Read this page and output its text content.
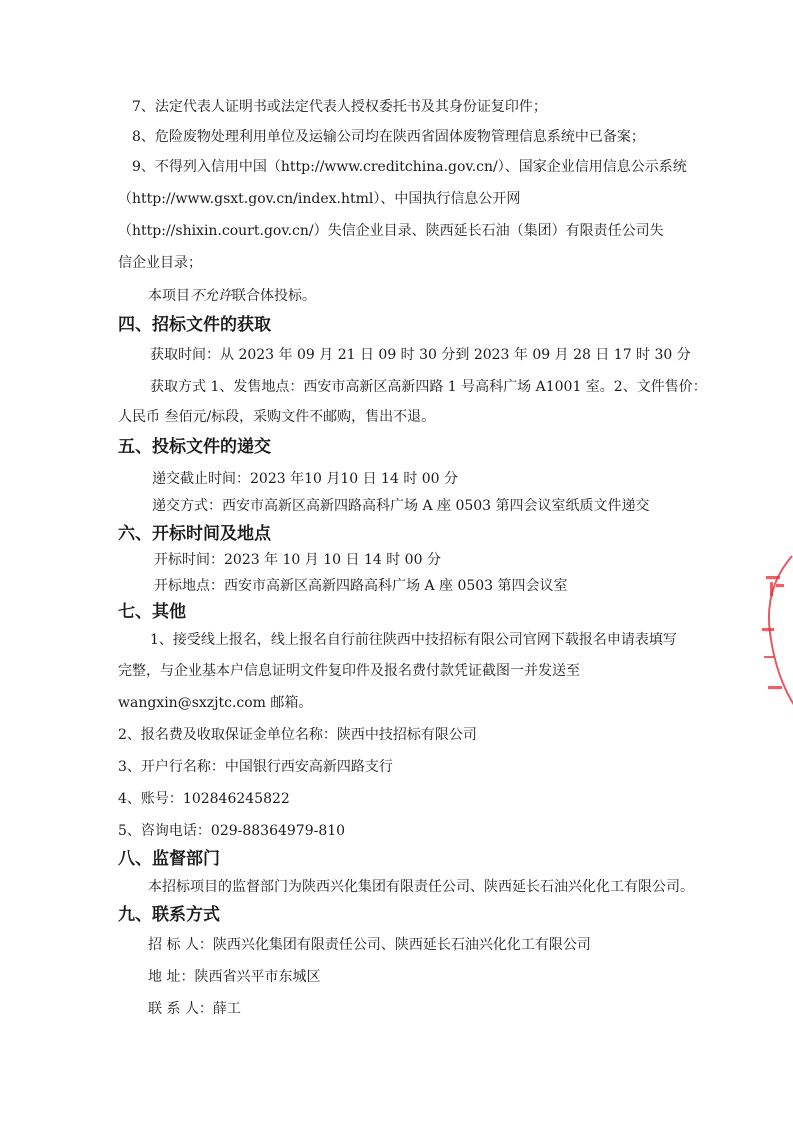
7、法定代表人证明书或法定代表人授权委托书及其身份证复印件；
8、危险废物处理利用单位及运输公司均在陕西省固体废物管理信息系统中已备案；
9、不得列入信用中国（http://www.creditchina.gov.cn/）、国家企业信用信息公示系统
（http://www.gsxt.gov.cn/index.html）、中国执行信息公开网
（http://shixin.court.gov.cn/）失信企业目录、陕西延长石油（集团）有限责任公司失
信企业目录；
本项目不允许联合体投标。
四、招标文件的获取
获取时间：从 2023 年 09 月 21 日 09 时 30 分到 2023 年 09 月 28 日 17 时 30 分
获取方式 1、发售地点：西安市高新区高新四路 1 号高科广场 A1001 室。2、文件售价：
人民币 叁佰元/标段，采购文件不邮购，售出不退。
五、投标文件的递交
递交截止时间：2023 年10 月10 日 14 时 00 分
递交方式：西安市高新区高新四路高科广场 A 座 0503 第四会议室纸质文件递交
六、开标时间及地点
开标时间：2023 年 10 月 10 日 14 时 00 分
开标地点：西安市高新区高新四路高科广场 A 座 0503 第四会议室
七、其他
1、接受线上报名，线上报名自行前往陕西中技招标有限公司官网下载报名申请表填写
完整，与企业基本户信息证明文件复印件及报名费付款凭证截图一并发送至
wangxin@sxzjtc.com 邮箱。
2、报名费及收取保证金单位名称：陕西中技招标有限公司
3、开户行名称：中国银行西安高新四路支行
4、账号：102846245822
5、咨询电话：029-88364979-810
八、监督部门
本招标项目的监督部门为陕西兴化集团有限责任公司、陕西延长石油兴化化工有限公司。
九、联系方式
招 标 人：陕西兴化集团有限责任公司、陕西延长石油兴化化工有限公司
地 址：陕西省兴平市东城区
联 系 人：薛工
